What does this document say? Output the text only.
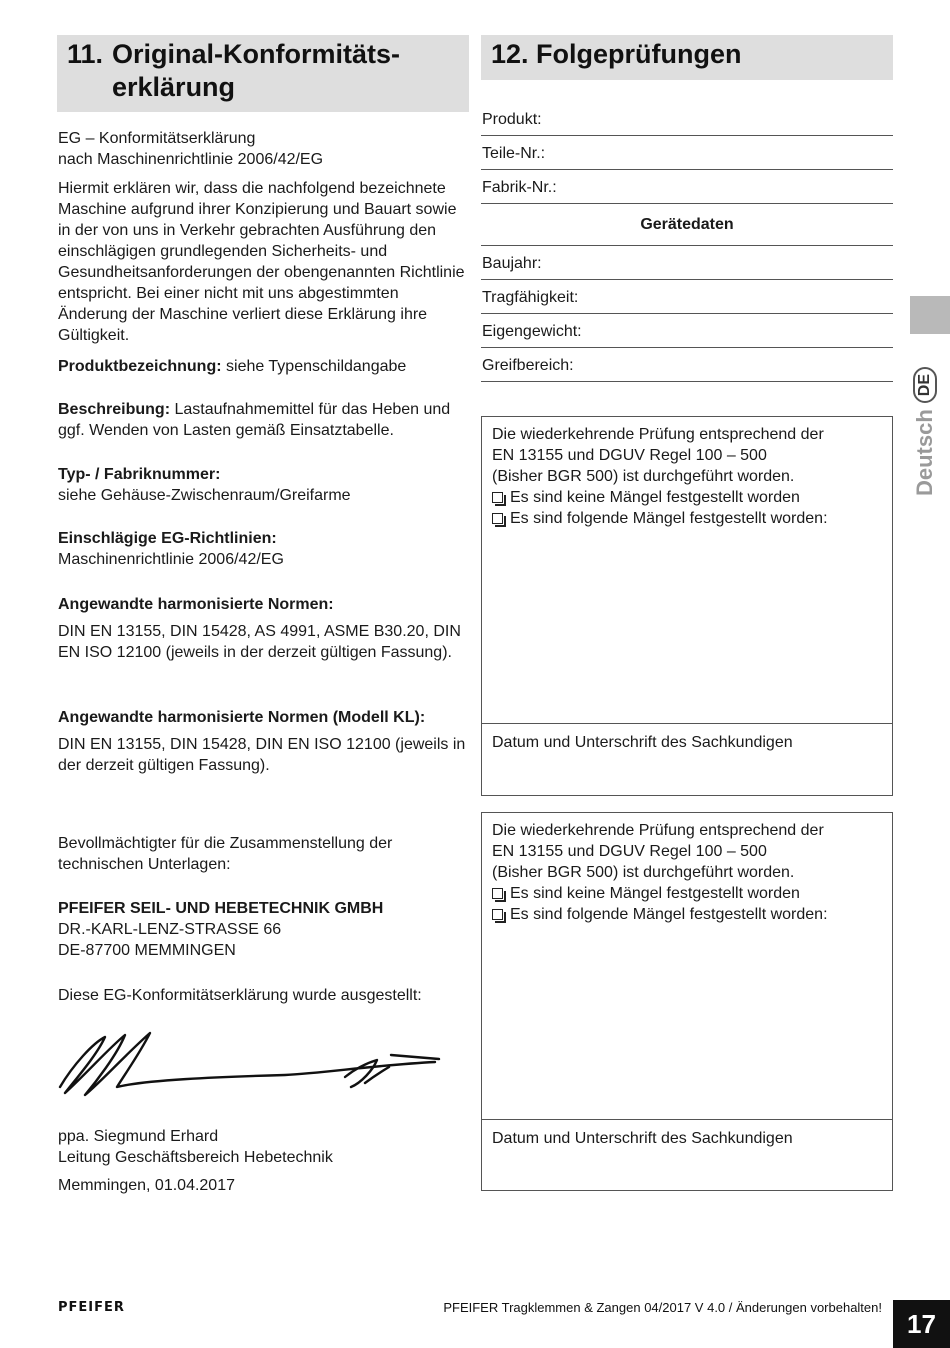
11. Original-Konformitäts-
erklärung
12. Folgeprüfungen

EG – Konformitätserklärung

nach Maschinenrichtlinie 2006/42/EG

Hiermit erklären wir, dass die nachfolgend bezeichnete Maschine aufgrund ihrer Konzipierung und Bauart sowie in der von uns in Verkehr gebrachten Ausführung den einschlägigen grundlegenden Sicherheits- und Gesundheitsanforderungen der obengenannten Richtlinie entspricht. Bei einer nicht mit uns abgestimmten Änderung der Maschine verliert diese Erklärung ihre Gültigkeit.

Produktbezeichnung: siehe Typenschildangabe

Beschreibung: Lastaufnahmemittel für das Heben und ggf. Wenden von Lasten gemäß Einsatztabelle.

Typ- / Fabriknummer:

siehe Gehäuse-Zwischenraum/Greifarme

Einschlägige EG-Richtlinien:

Maschinenrichtlinie 2006/42/EG

Angewandte harmonisierte Normen:

DIN EN 13155, DIN 15428, AS 4991, ASME B30.20, DIN EN ISO 12100 (jeweils in der derzeit gültigen Fassung).

Angewandte harmonisierte Normen (Modell KL):

DIN EN 13155, DIN 15428, DIN EN ISO 12100 (jeweils in der derzeit gültigen Fassung).

Bevollmächtigter für die Zusammenstellung der technischen Unterlagen:

PFEIFER SEIL- UND HEBETECHNIK GMBH

DR.-KARL-LENZ-STRASSE 66

DE-87700 MEMMINGEN

Diese EG-Konformitätserklärung wurde ausgestellt:

ppa. Siegmund Erhard

Leitung Geschäftsbereich Hebetechnik

Memmingen, 01.04.2017

Produkt:
Teile-Nr.:
Fabrik-Nr.:
Gerätedaten
Baujahr:
Tragfähigkeit:
Eigengewicht:
Greifbereich:
Die wiederkehrende Prüfung entsprechend der
EN 13155 und DGUV Regel 100 – 500
(Bisher BGR 500) ist durchgeführt worden.
Es sind keine Mängel festgestellt worden
Es sind folgende Mängel festgestellt worden:
Datum und Unterschrift des Sachkundigen
Die wiederkehrende Prüfung entsprechend der
EN 13155 und DGUV Regel 100 – 500
(Bisher BGR 500) ist durchgeführt worden.
Es sind keine Mängel festgestellt worden
Es sind folgende Mängel festgestellt worden:
Datum und Unterschrift des Sachkundigen
Deutsch
DE
PFEIFER	PFEIFER Tragklemmen & Zangen 04/2017 V 4.0 / Änderungen vorbehalten!
17
